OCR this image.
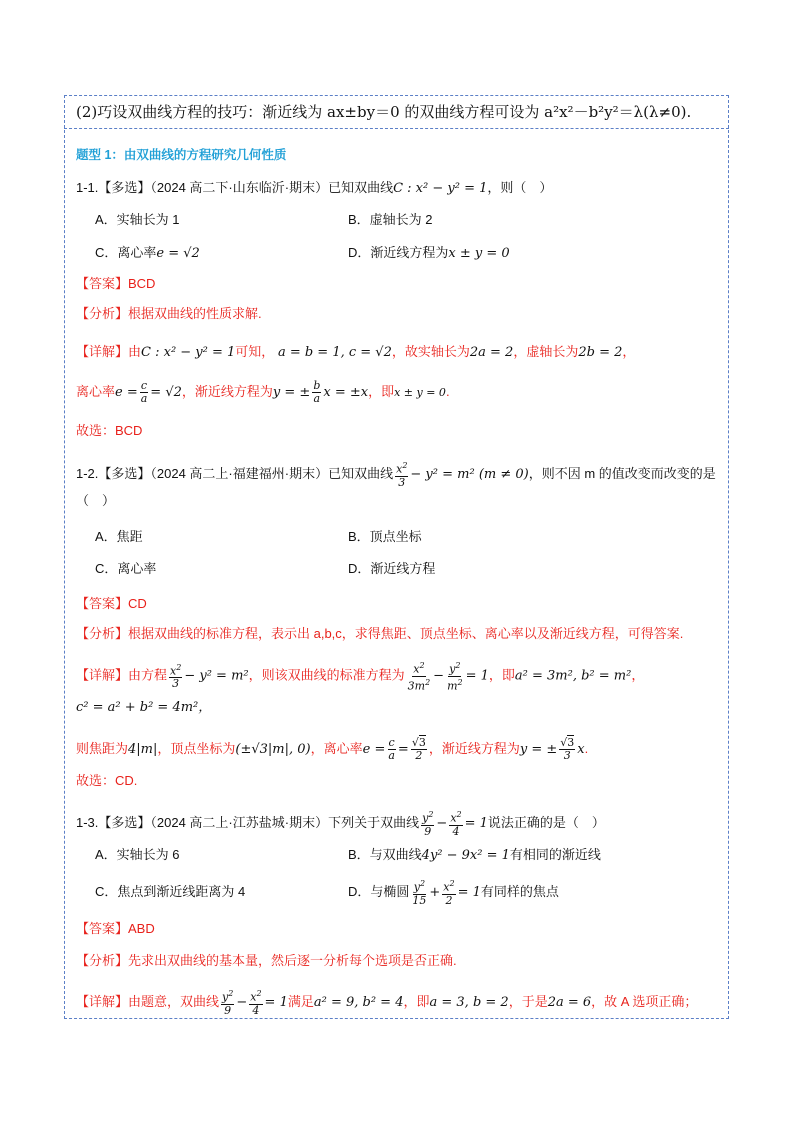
(2)巧设双曲线方程的技巧：渐近线为 ax±by＝0 的双曲线方程可设为 a²x²－b²y²＝λ(λ≠0).
题型 1：由双曲线的方程研究几何性质
1-1.【多选】（2024 高二下·山东临沂·期末）已知双曲线C : x² − y² = 1，则（　）
A．实轴长为 1	B．虚轴长为 2
C．离心率e = √2	D．渐近线方程为x ± y = 0
【答案】BCD
【分析】根据双曲线的性质求解.
【详解】由C : x² − y² = 1可知， a = b = 1, c = √2，故实轴长为2a = 2，虚轴长为2b = 2，
离心率$e = \frac{c}{a} = √2$，渐近线方程为y = ± $\frac{b}{a}$ x = ±x，即x ± y = 0.
故选：BCD
1-2.【多选】（2024 高二上·福建福州·期末）已知双曲线 $\frac{x^2}{3} - y^2 = m^2$ (m ≠ 0)，则不因 m 的值改变而改变的是
（　）
A．焦距	B．顶点坐标
C．离心率	D．渐近线方程
【答案】CD
【分析】根据双曲线的标准方程，表示出 a,b,c，求得焦距、顶点坐标、离心率以及渐近线方程，可得答案.
【详解】由方程 $\frac{x^2}{3} - y^2 = m^2$，则该双曲线的标准方程为 $\frac{x^2}{3m^2} - \frac{y^2}{m^2} = 1$，即a² = 3m², b² = m²，
c² = a² + b² = 4m²，
则焦距为4|m|，顶点坐标为(±√3|m|, 0)，离心率$e = \frac{c}{a} = \frac{√3}{2}$ ，渐近线方程为y = ± $\frac{√3}{3} x$.
故选：CD.
1-3.【多选】（2024 高二上·江苏盐城·期末）下列关于双曲线 $\frac{y^2}{9} - \frac{x^2}{4} = 1$说法正确的是（　）
A．实轴长为 6	B．与双曲线4y² − 9x² = 1有相同的渐近线
C．焦点到渐近线距离为 4	D．与椭圆 $\frac{y^2}{15} + \frac{x^2}{2} = 1$有同样的焦点
【答案】ABD
【分析】先求出双曲线的基本量，然后逐一分析每个选项是否正确.
【详解】由题意，双曲线 $\frac{y^2}{9} - \frac{x^2}{4} = 1$满足a² = 9, b² = 4，即a = 3, b = 2，于是2a = 6，故 A 选项正确；
